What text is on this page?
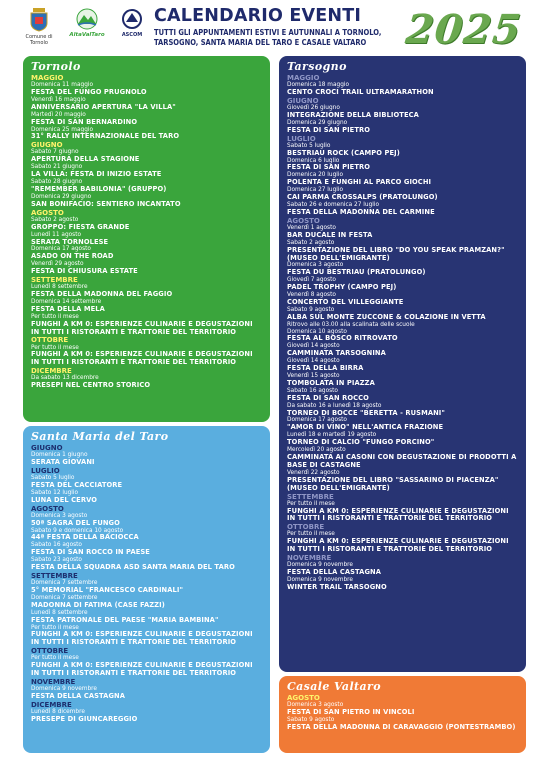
Comune di Tornolo
AltaValTaro	ASCOM
CALENDARIO EVENTI
TUTTI GLI APPUNTAMENTI ESTIVI E AUTUNNALI A TORNOLO,
TARSOGNO, SANTA MARIA DEL TARO E CASALE VALTARO 2025
Tornolo
MAGGIO
Domenica 11 maggio
FESTA DEL FUNGO PRUGNOLO
Venerdì 16 maggio
ANNIVERSARIO APERTURA "LA VILLA"
Martedì 20 maggio
FESTA DI SAN BERNARDINO
Domenica 25 maggio
31° RALLY INTERNAZIONALE DEL TARO
GIUGNO
Sabato 7 giugno
APERTURA DELLA STAGIONE
Sabato 21 giugno
LA VILLA: FESTA DI INIZIO ESTATE
Sabato 28 giugno
"REMEMBER BABILONIA" (GRUPPO)
Domenica 29 giugno
SAN BONIFACIO: SENTIERO INCANTATO
AGOSTO
Sabato 2 agosto
GROPPO: FIESTA GRANDE
Lunedì 11 agosto
SERATA TORNOLESE
Domenica 17 agosto
ASADO ON THE ROAD
Venerdì 29 agosto
FESTA DI CHIUSURA ESTATE
SETTEMBRE
Lunedì 8 settembre
FESTA DELLA MADONNA DEL FAGGIO
Domenica 14 settembre
FESTA DELLA MELA
Per tutto il mese
FUNGHI A KM 0: ESPERIENZE CULINARIE E DEGUSTAZIONI IN TUTTI I RISTORANTI E TRATTORIE DEL TERRITORIO
OTTOBRE
Per tutto il mese
FUNGHI A KM 0: ESPERIENZE CULINARIE E DEGUSTAZIONI IN TUTTI I RISTORANTI E TRATTORIE DEL TERRITORIO
DICEMBRE
Da sabato 13 dicembre
PRESEPI NEL CENTRO STORICO
Santa Maria del Taro
GIUGNO
Domenica 1 giugno
SERATA GIOVANI
LUGLIO
Sabato 5 luglio
FESTA DEL CACCIATORE
Sabato 12 luglio
LUNA DEL CERVO
AGOSTO
Domenica 3 agosto
50ª SAGRA DEL FUNGO
Sabato 9 e domenica 10 agosto
44ª FESTA DELLA BACIOCCA
Sabato 16 agosto
FESTA DI SAN ROCCO IN PAESE
Sabato 23 agosto
FESTA DELLA SQUADRA ASD SANTA MARIA DEL TARO
SETTEMBRE
Domenica 7 settembre
5° MEMORIAL "FRANCESCO CARDINALI"
Domenica 7 settembre
MADONNA DI FATIMA (CASE FAZZI)
Lunedì 8 settembre
FESTA PATRONALE DEL PAESE "MARIA BAMBINA"
Per tutto il mese
FUNGHI A KM 0: ESPERIENZE CULINARIE E DEGUSTAZIONI IN TUTTI I RISTORANTI E TRATTORIE DEL TERRITORIO
OTTOBRE
Per tutto il mese
FUNGHI A KM 0: ESPERIENZE CULINARIE E DEGUSTAZIONI IN TUTTI I RISTORANTI E TRATTORIE DEL TERRITORIO
NOVEMBRE
Domenica 9 novembre
FESTA DELLA CASTAGNA
DICEMBRE
Lunedì 8 dicembre
PRESEPE DI GIUNCAREGGIO
Tarsogno
MAGGIO
Domenica 18 maggio
CENTO CROCI TRAIL ULTRAMARATHON
GIUGNO
Giovedì 26 giugno
INTEGRAZIONE DELLA BIBLIOTECA
Domenica 29 giugno
FESTA DI SAN PIETRO
LUGLIO
Sabato 5 luglio
BESTRIAU ROCK (CAMPO PEJ)
Domenica 6 luglio
FESTA DI SAN PIETRO
Domenica 20 luglio
POLENTA E FUNGHI AL PARCO GIOCHI
Domenica 27 luglio
CAI PARMA CROSSALPS (PRATOLUNGO)
Sabato 26 e domenica 27 luglio
FESTA DELLA MADONNA DEL CARMINE
AGOSTO
Venerdì 1 agosto
BAR DUCALE IN FESTA
Sabato 2 agosto
PRESENTAZIONE DEL LIBRO "DO YOU SPEAK PRAMZAN?" (MUSEO DELL'EMIGRANTE)
Domenica 3 agosto
FESTA DU BESTRIAU (PRATOLUNGO)
Giovedì 7 agosto
PADEL TROPHY (CAMPO PEJ)
Venerdì 8 agosto
CONCERTO DEL VILLEGGIANTE
Sabato 9 agosto
ALBA SUL MONTE ZUCCONE & COLAZIONE IN VETTA
Ritrovo alle 03.00 alla scalinata delle scuole
Domenica 10 agosto
FESTA AL BOSCO RITROVATO
Giovedì 14 agosto
CAMMINATA TARSOGNINA
Giovedì 14 agosto
FESTA DELLA BIRRA
Venerdì 15 agosto
TOMBOLATA IN PIAZZA
Sabato 16 agosto
FESTA DI SAN ROCCO
Da sabato 16 a lunedì 18 agosto
TORNEO DI BOCCE "BERETTA - RUSMANI"
Domenica 17 agosto
"AMOR DI VINO" NELL'ANTICA FRAZIONE
Lunedì 18 e martedì 19 agosto
TORNEO DI CALCIO "FUNGO PORCINO"
Mercoledì 20 agosto
CAMMINATA AI CASONI CON DEGUSTAZIONE DI PRODOTTI A BASE DI CASTAGNE
Venerdì 22 agosto
PRESENTAZIONE DEL LIBRO "SASSARINO DI PIACENZA" (MUSEO DELL'EMIGRANTE)
SETTEMBRE
Per tutto il mese
FUNGHI A KM 0: ESPERIENZE CULINARIE E DEGUSTAZIONI IN TUTTI I RISTORANTI E TRATTORIE DEL TERRITORIO
OTTOBRE
Per tutto il mese
FUNGHI A KM 0: ESPERIENZE CULINARIE E DEGUSTAZIONI IN TUTTI I RISTORANTI E TRATTORIE DEL TERRITORIO
NOVEMBRE
Domenica 9 novembre
FESTA DELLA CASTAGNA
Domenica 9 novembre
WINTER TRAIL TARSOGNO
Casale Valtaro
AGOSTO
Domenica 3 agosto
FESTA DI SAN PIETRO IN VINCOLI
Sabato 9 agosto
FESTA DELLA MADONNA DI CARAVAGGIO (PONTESTRAMBO)
